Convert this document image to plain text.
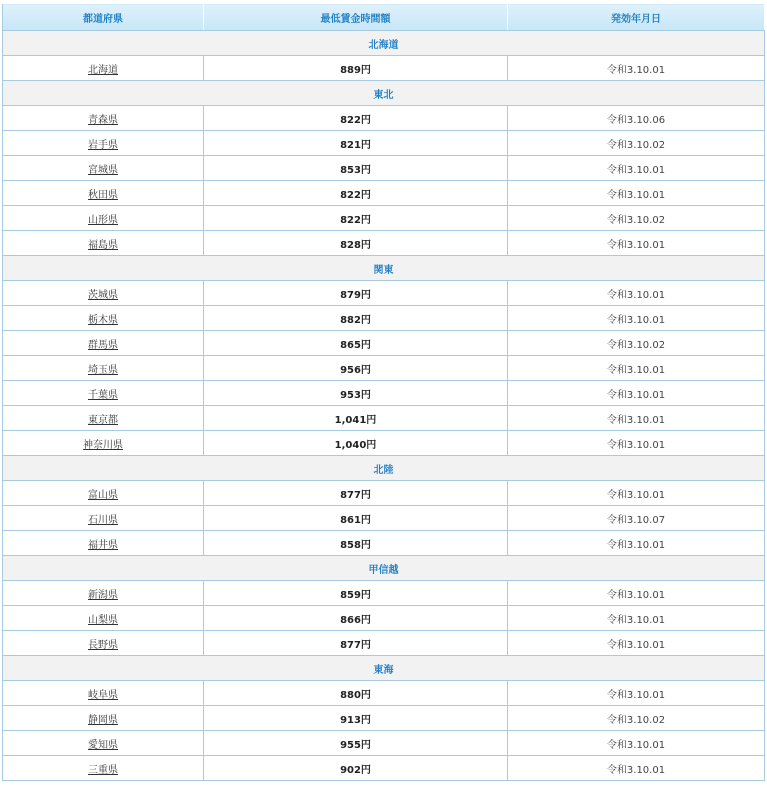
都道府県	最低賃金時間額	発効年月日
北海道		
北海道	889円	令和3.10.01
東北		
青森県	822円	令和3.10.06
岩手県	821円	令和3.10.02
宮城県	853円	令和3.10.01
秋田県	822円	令和3.10.01
山形県	822円	令和3.10.02
福島県	828円	令和3.10.01
関東		
茨城県	879円	令和3.10.01
栃木県	882円	令和3.10.01
群馬県	865円	令和3.10.02
埼玉県	956円	令和3.10.01
千葉県	953円	令和3.10.01
東京都	1,041円	令和3.10.01
神奈川県	1,040円	令和3.10.01
北陸		
富山県	877円	令和3.10.01
石川県	861円	令和3.10.07
福井県	858円	令和3.10.01
甲信越		
新潟県	859円	令和3.10.01
山梨県	866円	令和3.10.01
長野県	877円	令和3.10.01
東海		
岐阜県	880円	令和3.10.01
静岡県	913円	令和3.10.02
愛知県	955円	令和3.10.01
三重県	902円	令和3.10.01
